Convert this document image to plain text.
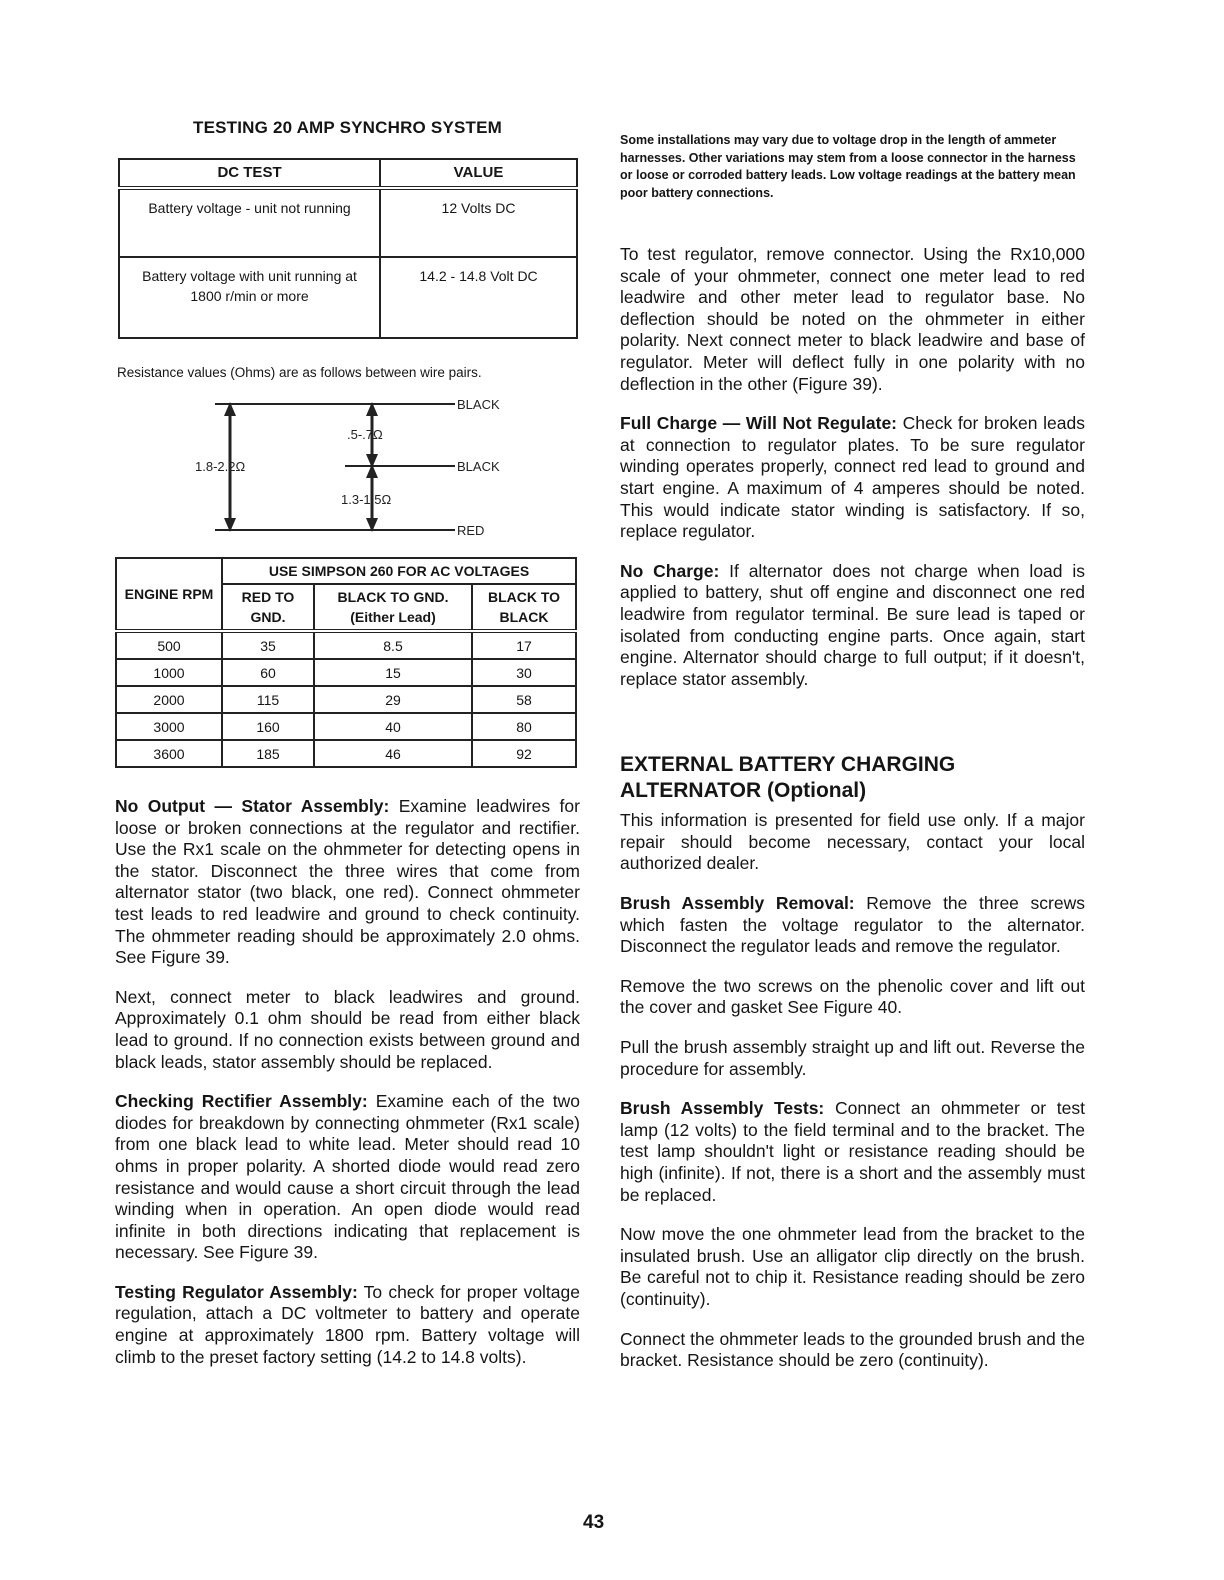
TESTING 20 AMP SYNCHRO SYSTEM
DC TEST	VALUE
Battery voltage - unit not running	12 Volts DC
Battery voltage with unit running at 1800 r/min or more	14.2 - 14.8 Volt DC
Resistance values (Ohms) are as follows between wire pairs.
BLACK
BLACK
RED
.5-.7Ω
1.8-2.2Ω
1.3-1.5Ω
ENGINE RPM	USE SIMPSON 260 FOR AC VOLTAGES		
	RED TO GND.	BLACK TO GND. (Either Lead)	BLACK TO BLACK
500	35	8.5	17
1000	60	15	30
2000	115	29	58
3000	160	40	80
3600	185	46	92

No Output — Stator Assembly: Examine leadwires for loose or broken connections at the regulator and rectifier. Use the Rx1 scale on the ohmmeter for detecting opens in the stator. Disconnect the three wires that come from alternator stator (two black, one red). Connect ohmmeter test leads to red leadwire and ground to check continuity. The ohmmeter reading should be approximately 2.0 ohms. See Figure 39.

Next, connect meter to black leadwires and ground. Approximately 0.1 ohm should be read from either black lead to ground. If no connection exists between ground and black leads, stator assembly should be replaced.

Checking Rectifier Assembly: Examine each of the two diodes for breakdown by connecting ohmmeter (Rx1 scale) from one black lead to white lead. Meter should read 10 ohms in proper polarity. A shorted diode would read zero resistance and would cause a short circuit through the lead winding when in operation. An open diode would read infinite in both directions indicating that replacement is necessary. See Figure 39.

Testing Regulator Assembly: To check for proper voltage regulation, attach a DC voltmeter to battery and operate engine at approximately 1800 rpm. Battery voltage will climb to the preset factory setting (14.2 to 14.8 volts).

Some installations may vary due to voltage drop in the length of ammeter harnesses. Other variations may stem from a loose connector in the harness or loose or corroded battery leads. Low voltage readings at the battery mean poor battery connections.

To test regulator, remove connector. Using the Rx10,000 scale of your ohmmeter, connect one meter lead to red leadwire and other meter lead to regulator base. No deflection should be noted on the ohmmeter in either polarity. Next connect meter to black leadwire and base of regulator. Meter will deflect fully in one polarity with no deflection in the other (Figure 39).

Full Charge — Will Not Regulate: Check for broken leads at connection to regulator plates. To be sure regulator winding operates properly, connect red lead to ground and start engine. A maximum of 4 amperes should be noted. This would indicate stator winding is satisfactory. If so, replace regulator.

No Charge: If alternator does not charge when load is applied to battery, shut off engine and disconnect one red leadwire from regulator terminal. Be sure lead is taped or isolated from conducting engine parts. Once again, start engine. Alternator should charge to full output; if it doesn't, replace stator assembly.

EXTERNAL BATTERY CHARGING ALTERNATOR (Optional)

This information is presented for field use only. If a major repair should become necessary, contact your local authorized dealer.

Brush Assembly Removal: Remove the three screws which fasten the voltage regulator to the alternator. Disconnect the regulator leads and remove the regulator.

Remove the two screws on the phenolic cover and lift out the cover and gasket See Figure 40.

Pull the brush assembly straight up and lift out. Reverse the procedure for assembly.

Brush Assembly Tests: Connect an ohmmeter or test lamp (12 volts) to the field terminal and to the bracket. The test lamp shouldn't light or resistance reading should be high (infinite). If not, there is a short and the assembly must be replaced.

Now move the one ohmmeter lead from the bracket to the insulated brush. Use an alligator clip directly on the brush. Be careful not to chip it. Resistance reading should be zero (continuity).

Connect the ohmmeter leads to the grounded brush and the bracket. Resistance should be zero (continuity).

43
